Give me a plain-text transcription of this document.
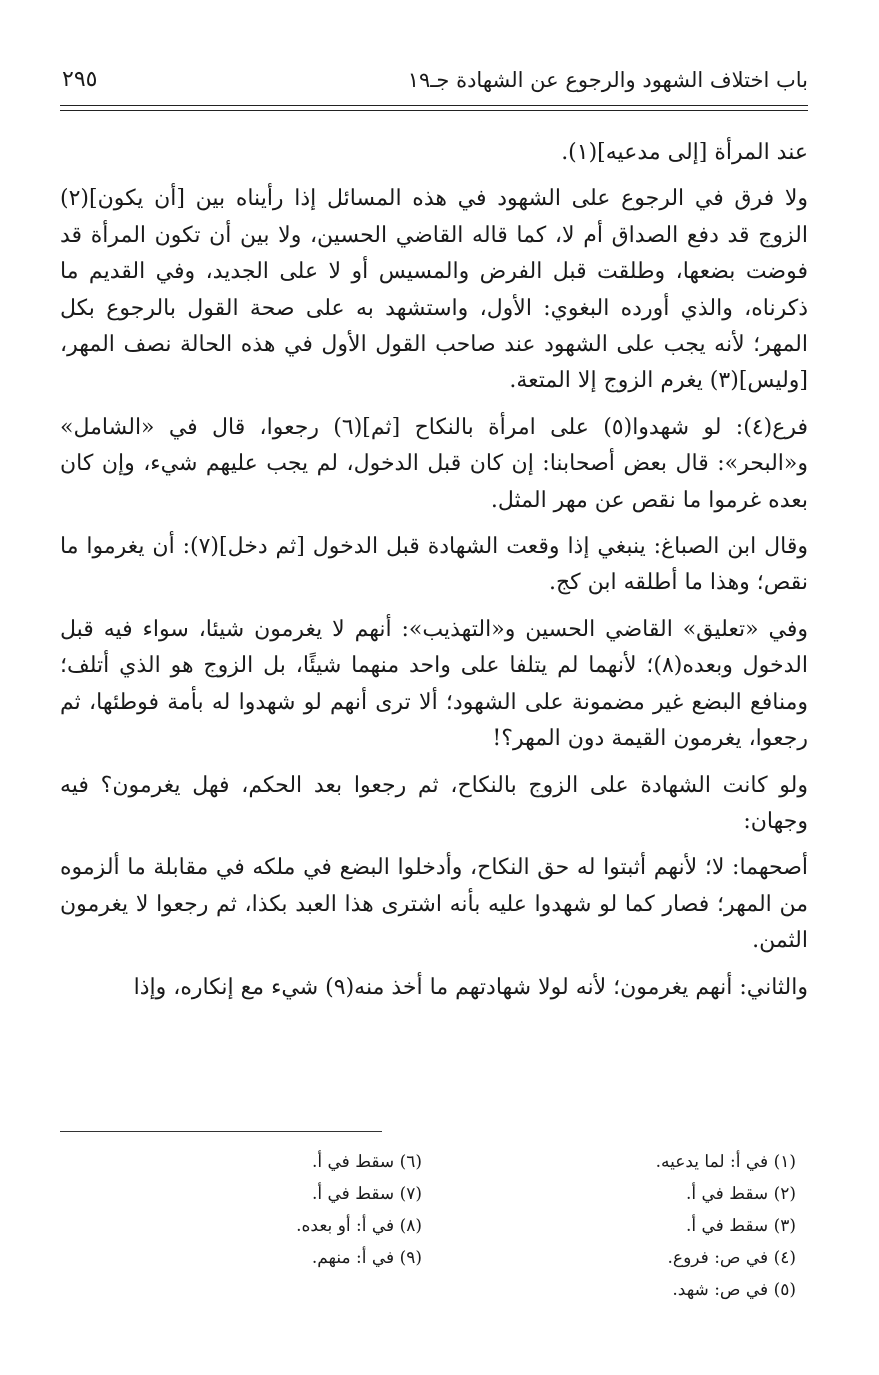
باب اختلاف الشهود والرجوع عن الشهادة جـ١٩
٢٩٥

عند المرأة [إلى مدعيه](١).

ولا فرق في الرجوع على الشهود في هذه المسائل إذا رأيناه بين [أن يكون](٢) الزوج قد دفع الصداق أم لا، كما قاله القاضي الحسين، ولا بين أن تكون المرأة قد فوضت بضعها، وطلقت قبل الفرض والمسيس أو لا على الجديد، وفي القديم ما ذكرناه، والذي أورده البغوي: الأول، واستشهد به على صحة القول بالرجوع بكل المهر؛ لأنه يجب على الشهود عند صاحب القول الأول في هذه الحالة نصف المهر، [وليس](٣) يغرم الزوج إلا المتعة.

فرع(٤): لو شهدوا(٥) على امرأة بالنكاح [ثم](٦) رجعوا، قال في «الشامل» و«البحر»: قال بعض أصحابنا: إن كان قبل الدخول، لم يجب عليهم شيء، وإن كان بعده غرموا ما نقص عن مهر المثل.

وقال ابن الصباغ: ينبغي إذا وقعت الشهادة قبل الدخول [ثم دخل](٧): أن يغرموا ما نقص؛ وهذا ما أطلقه ابن كج.

وفي «تعليق» القاضي الحسين و«التهذيب»: أنهم لا يغرمون شيئا، سواء فيه قبل الدخول وبعده(٨)؛ لأنهما لم يتلفا على واحد منهما شيئًا، بل الزوج هو الذي أتلف؛ ومنافع البضع غير مضمونة على الشهود؛ ألا ترى أنهم لو شهدوا له بأمة فوطئها، ثم رجعوا، يغرمون القيمة دون المهر؟!

ولو كانت الشهادة على الزوج بالنكاح، ثم رجعوا بعد الحكم، فهل يغرمون؟ فيه وجهان:

أصحهما: لا؛ لأنهم أثبتوا له حق النكاح، وأدخلوا البضع في ملكه في مقابلة ما ألزموه من المهر؛ فصار كما لو شهدوا عليه بأنه اشترى هذا العبد بكذا، ثم رجعوا لا يغرمون الثمن.

والثاني: أنهم يغرمون؛ لأنه لولا شهادتهم ما أخذ منه(٩) شيء مع إنكاره، وإذا

(١) في أ: لما يدعيه.
(٢) سقط في أ.
(٣) سقط في أ.
(٤) في ص: فروع.
(٥) في ص: شهد.
(٦) سقط في أ.
(٧) سقط في أ.
(٨) في أ: أو بعده.
(٩) في أ: منهم.
